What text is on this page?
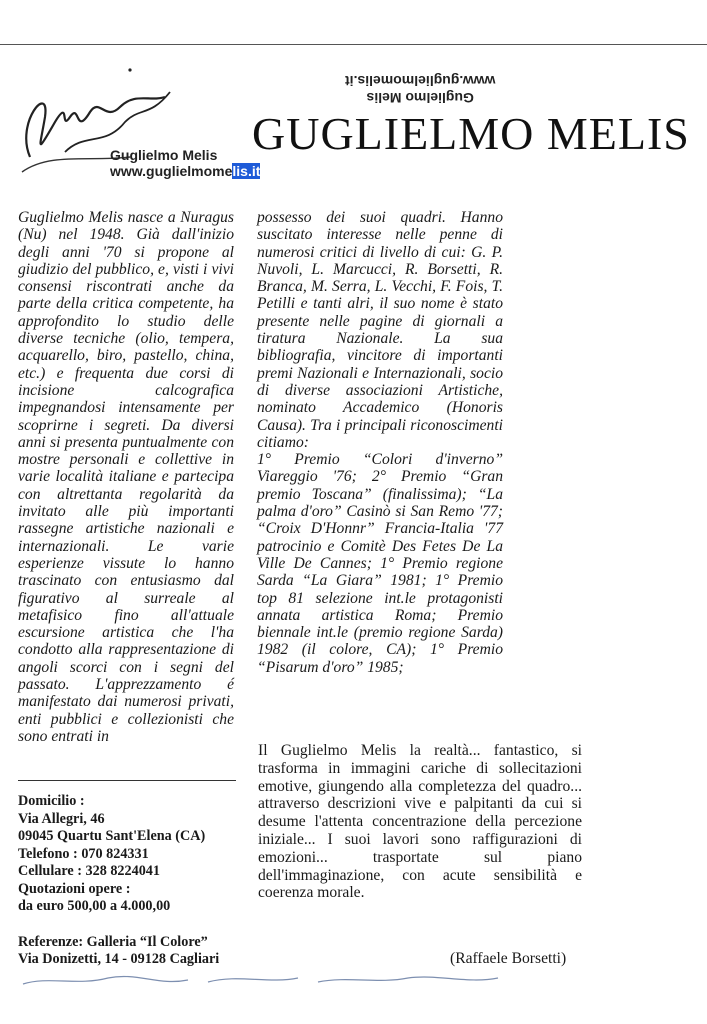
Guglielmo Melis
www.guglielmomelis.it
GUGLIELMO MELIS
Guglielmo Melis
www.guglielmomelis.it
Guglielmo Melis nasce a Nuragus (Nu) nel 1948. Già dall'inizio degli anni '70 si propone al giudizio del pubblico, e, visti i vivi consensi riscontrati anche da parte della critica competente, ha approfondito lo studio delle diverse tecniche (olio, tempera, acquarello, biro, pastello, china, etc.) e frequenta due corsi di incisione calcografica impegnandosi intensamente per scoprirne i segreti. Da diversi anni si presenta puntualmente con mostre personali e collettive in varie località italiane e partecipa con altrettanta regolarità da invitato alle più importanti rassegne artistiche nazionali e internazionali. Le varie esperienze vissute lo hanno trascinato con entusiasmo dal figurativo al surreale al metafisico fino all'attuale escursione artistica che l'ha condotto alla rappresentazione di angoli scorci con i segni del passato. L'apprezzamento é manifestato dai numerosi privati, enti pubblici e collezionisti che sono entrati in
possesso dei suoi quadri. Hanno suscitato interesse nelle penne di numerosi critici di livello di cui: G. P. Nuvoli, L. Marcucci, R. Borsetti, R. Branca, M. Serra, L. Vecchi, F. Fois, T. Petilli e tanti alri, il suo nome è stato presente nelle pagine di giornali a tiratura Nazionale. La sua bibliografia, vincitore di importanti premi Nazionali e Internazionali, socio di diverse associazioni Artistiche, nominato Accademico (Honoris Causa). Tra i principali riconoscimenti citiamo:
1° Premio “Colori d'inverno” Viareggio '76; 2° Premio “Gran premio Toscana” (finalissima); “La palma d'oro” Casinò si San Remo '77; “Croix D'Honnr” Francia-Italia '77 patrocinio e Comitè Des Fetes De La Ville De Cannes; 1° Premio regione Sarda “La Giara” 1981; 1° Premio top 81 selezione int.le protagonisti annata artistica Roma; Premio biennale int.le (premio regione Sarda) 1982 (il colore, CA); 1° Premio “Pisarum d'oro” 1985;
Domicilio :
Via Allegri, 46
09045 Quartu Sant'Elena (CA)
Telefono : 070 824331
Cellulare : 328 8224041
Quotazioni opere :
da euro 500,00 a 4.000,00
Referenze: Galleria “Il Colore”
Via Donizetti, 14 - 09128 Cagliari
Il Guglielmo Melis la realtà... fantastico, si trasforma in immagini cariche di sollecitazioni emotive, giungendo alla completezza del quadro... attraverso descrizioni vive e palpitanti da cui si desume l'attenta concentrazione della percezione iniziale... I suoi lavori sono raffigurazioni di emozioni... trasportate sul piano dell'immaginazione, con acute sensibilità e coerenza morale.
(Raffaele Borsetti)
